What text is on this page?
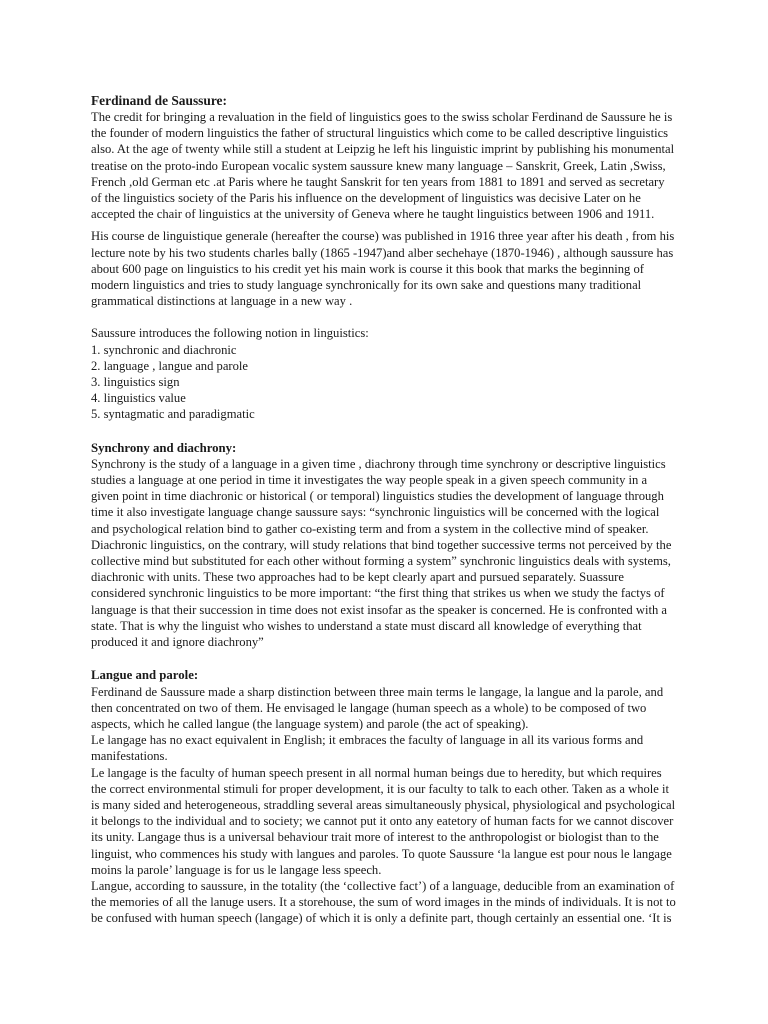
Ferdinand de Saussure:

The credit for bringing a revaluation in the field of linguistics goes to the swiss scholar Ferdinand de Saussure he is the founder of modern linguistics the father of structural linguistics which come to be called descriptive linguistics also. At the age of twenty while still a student at Leipzig he left his linguistic imprint by publishing his monumental treatise on the proto-indo European vocalic system saussure knew many language – Sanskrit, Greek, Latin ,Swiss, French ,old German etc .at Paris where he taught Sanskrit for ten years from 1881 to 1891 and served as secretary of the linguistics society of the Paris his influence on the development of linguistics was decisive Later on he accepted the chair of linguistics at the university of Geneva where he taught linguistics between 1906 and 1911.

His course de linguistique generale (hereafter the course) was published in 1916 three year after his death , from his lecture note by his two students charles bally (1865 -1947)and alber sechehaye (1870-1946) , although saussure has about 600 page on linguistics to his credit yet his main work is course it this book that marks the beginning of modern linguistics and tries to study language synchronically for its own sake and questions many traditional grammatical distinctions at language in a new way .

Saussure introduces the following notion in linguistics:

1. synchronic and diachronic
2. language , langue and parole
3. linguistics sign
4. linguistics value
5. syntagmatic and paradigmatic

Synchrony and diachrony:

Synchrony is the study of a language in a given time , diachrony through time synchrony or descriptive linguistics studies a language at one period in time it investigates the way people speak in a given speech community in a given point in time diachronic or historical ( or temporal) linguistics studies the development of language through time it also investigate language change saussure says: “synchronic linguistics will be concerned with the logical and psychological relation bind to gather co-existing term and from a system in the collective mind of speaker. Diachronic linguistics, on the contrary, will study relations that bind together successive terms not perceived by the collective mind but substituted for each other without forming a system” synchronic linguistics deals with systems, diachronic with units. These two approaches had to be kept clearly apart and pursued separately. Suassure considered synchronic linguistics to be more important: “the first thing that strikes us when we study the factys of language is that their succession in time does not exist insofar as the speaker is concerned. He is confronted with a state. That is why the linguist who wishes to understand a state must discard all knowledge of everything that produced it and ignore diachrony”

Langue and parole:

Ferdinand de Saussure made a sharp distinction between three main terms le langage, la langue and la parole, and then concentrated on two of them. He envisaged le langage (human speech as a whole) to be composed of two aspects, which he called langue (the language system) and parole (the act of speaking).

Le langage has no exact equivalent in English; it embraces the faculty of language in all its various forms and manifestations.

Le langage is the faculty of human speech present in all normal human beings due to heredity, but which requires the correct environmental stimuli for proper development, it is our faculty to talk to each other. Taken as a whole it is many sided and heterogeneous, straddling several areas simultaneously physical, physiological and psychological it belongs to the individual and to society; we cannot put it onto any eatetory of human facts for we cannot discover its unity. Langage thus is a universal behaviour trait more of interest to the anthropologist or biologist than to the linguist, who commences his study with langues and paroles. To quote Saussure ‘la langue est pour nous le langage moins la parole’ language is for us le langage less speech.

Langue, according to saussure, in the totality (the ‘collective fact’) of a language, deducible from an examination of the memories of all the lanuge users. It a storehouse, the sum of word images in the minds of individuals. It is not to be confused with human speech (langage) of which it is only a definite part, though certainly an essential one. ‘It is
